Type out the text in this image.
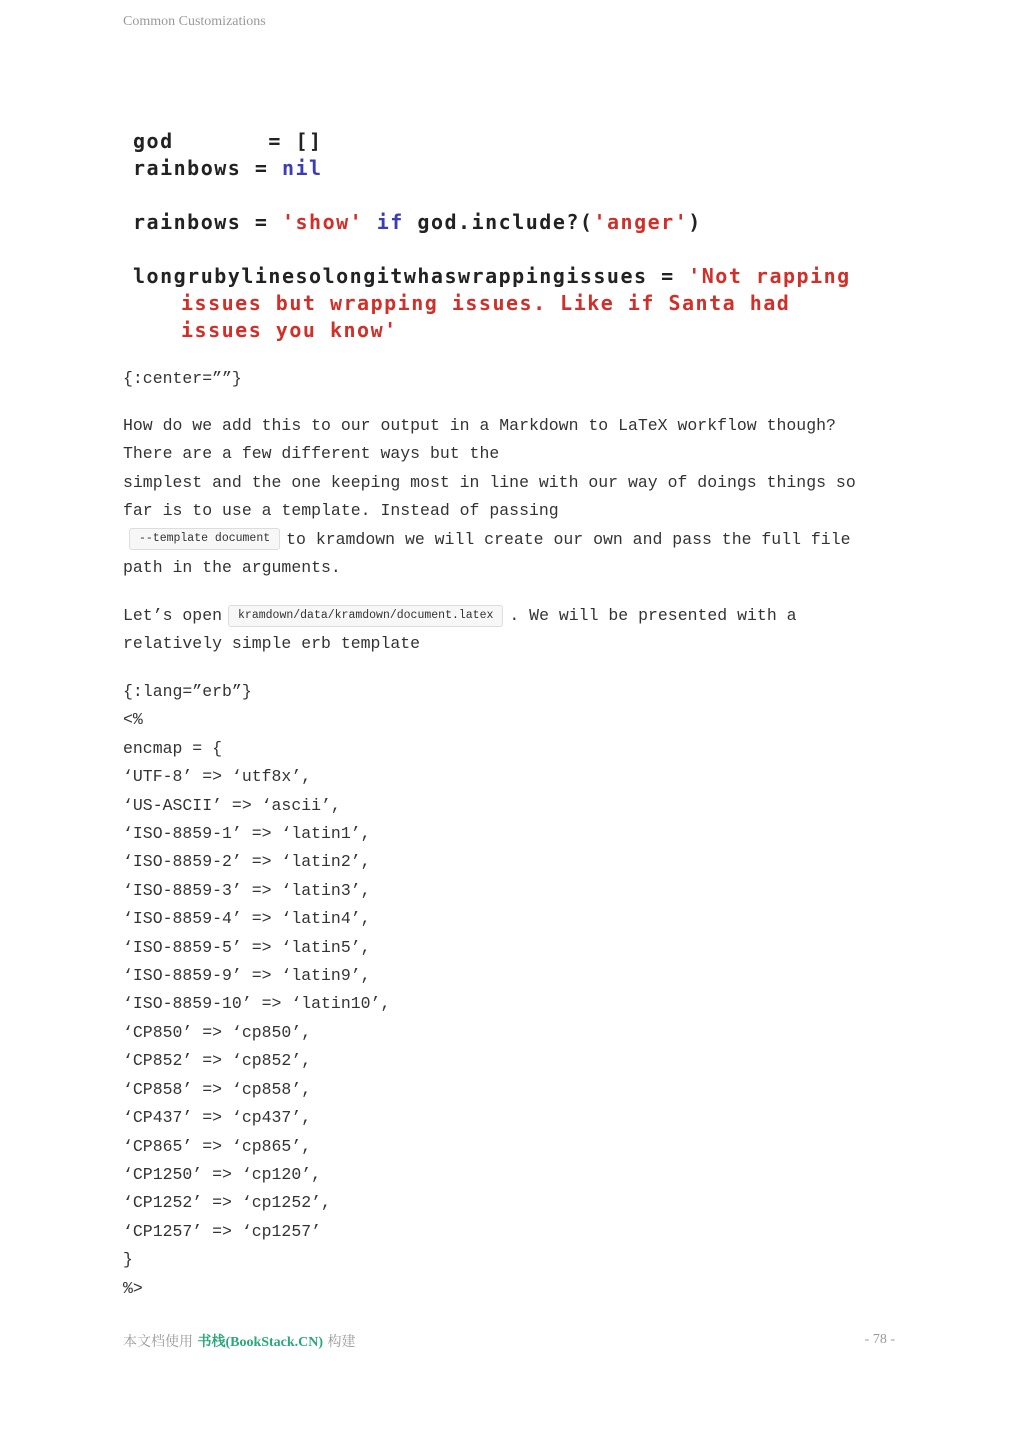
Common Customizations
god       = []
rainbows = nil
rainbows = 'show' if god.include?('anger')
longrubylinesolongitwhaswrappingissues = 'Not rapping
issues but wrapping issues. Like if Santa had
issues you know'
{:center=””}
How do we add this to our output in a Markdown to LaTeX workflow though?
There are a few different ways but the
simplest and the one keeping most in line with our way of doings things so
far is to use a template. Instead of passing
--template document to kramdown we will create our own and pass the full file
path in the arguments.
Let’s open kramdown/data/kramdown/document.latex . We will be presented with a
relatively simple erb template
{:lang=”erb”}
<%
encmap = {
‘UTF-8’ => ‘utf8x’,
‘US-ASCII’ => ‘ascii’,
‘ISO-8859-1’ => ‘latin1’,
‘ISO-8859-2’ => ‘latin2’,
‘ISO-8859-3’ => ‘latin3’,
‘ISO-8859-4’ => ‘latin4’,
‘ISO-8859-5’ => ‘latin5’,
‘ISO-8859-9’ => ‘latin9’,
‘ISO-8859-10’ => ‘latin10’,
‘CP850’ => ‘cp850’,
‘CP852’ => ‘cp852’,
‘CP858’ => ‘cp858’,
‘CP437’ => ‘cp437’,
‘CP865’ => ‘cp865’,
‘CP1250’ => ‘cp120’,
‘CP1252’ => ‘cp1252’,
‘CP1257’ => ‘cp1257’
}
%>
本文档使用 书栈(BookStack.CN) 构建	- 78 -
